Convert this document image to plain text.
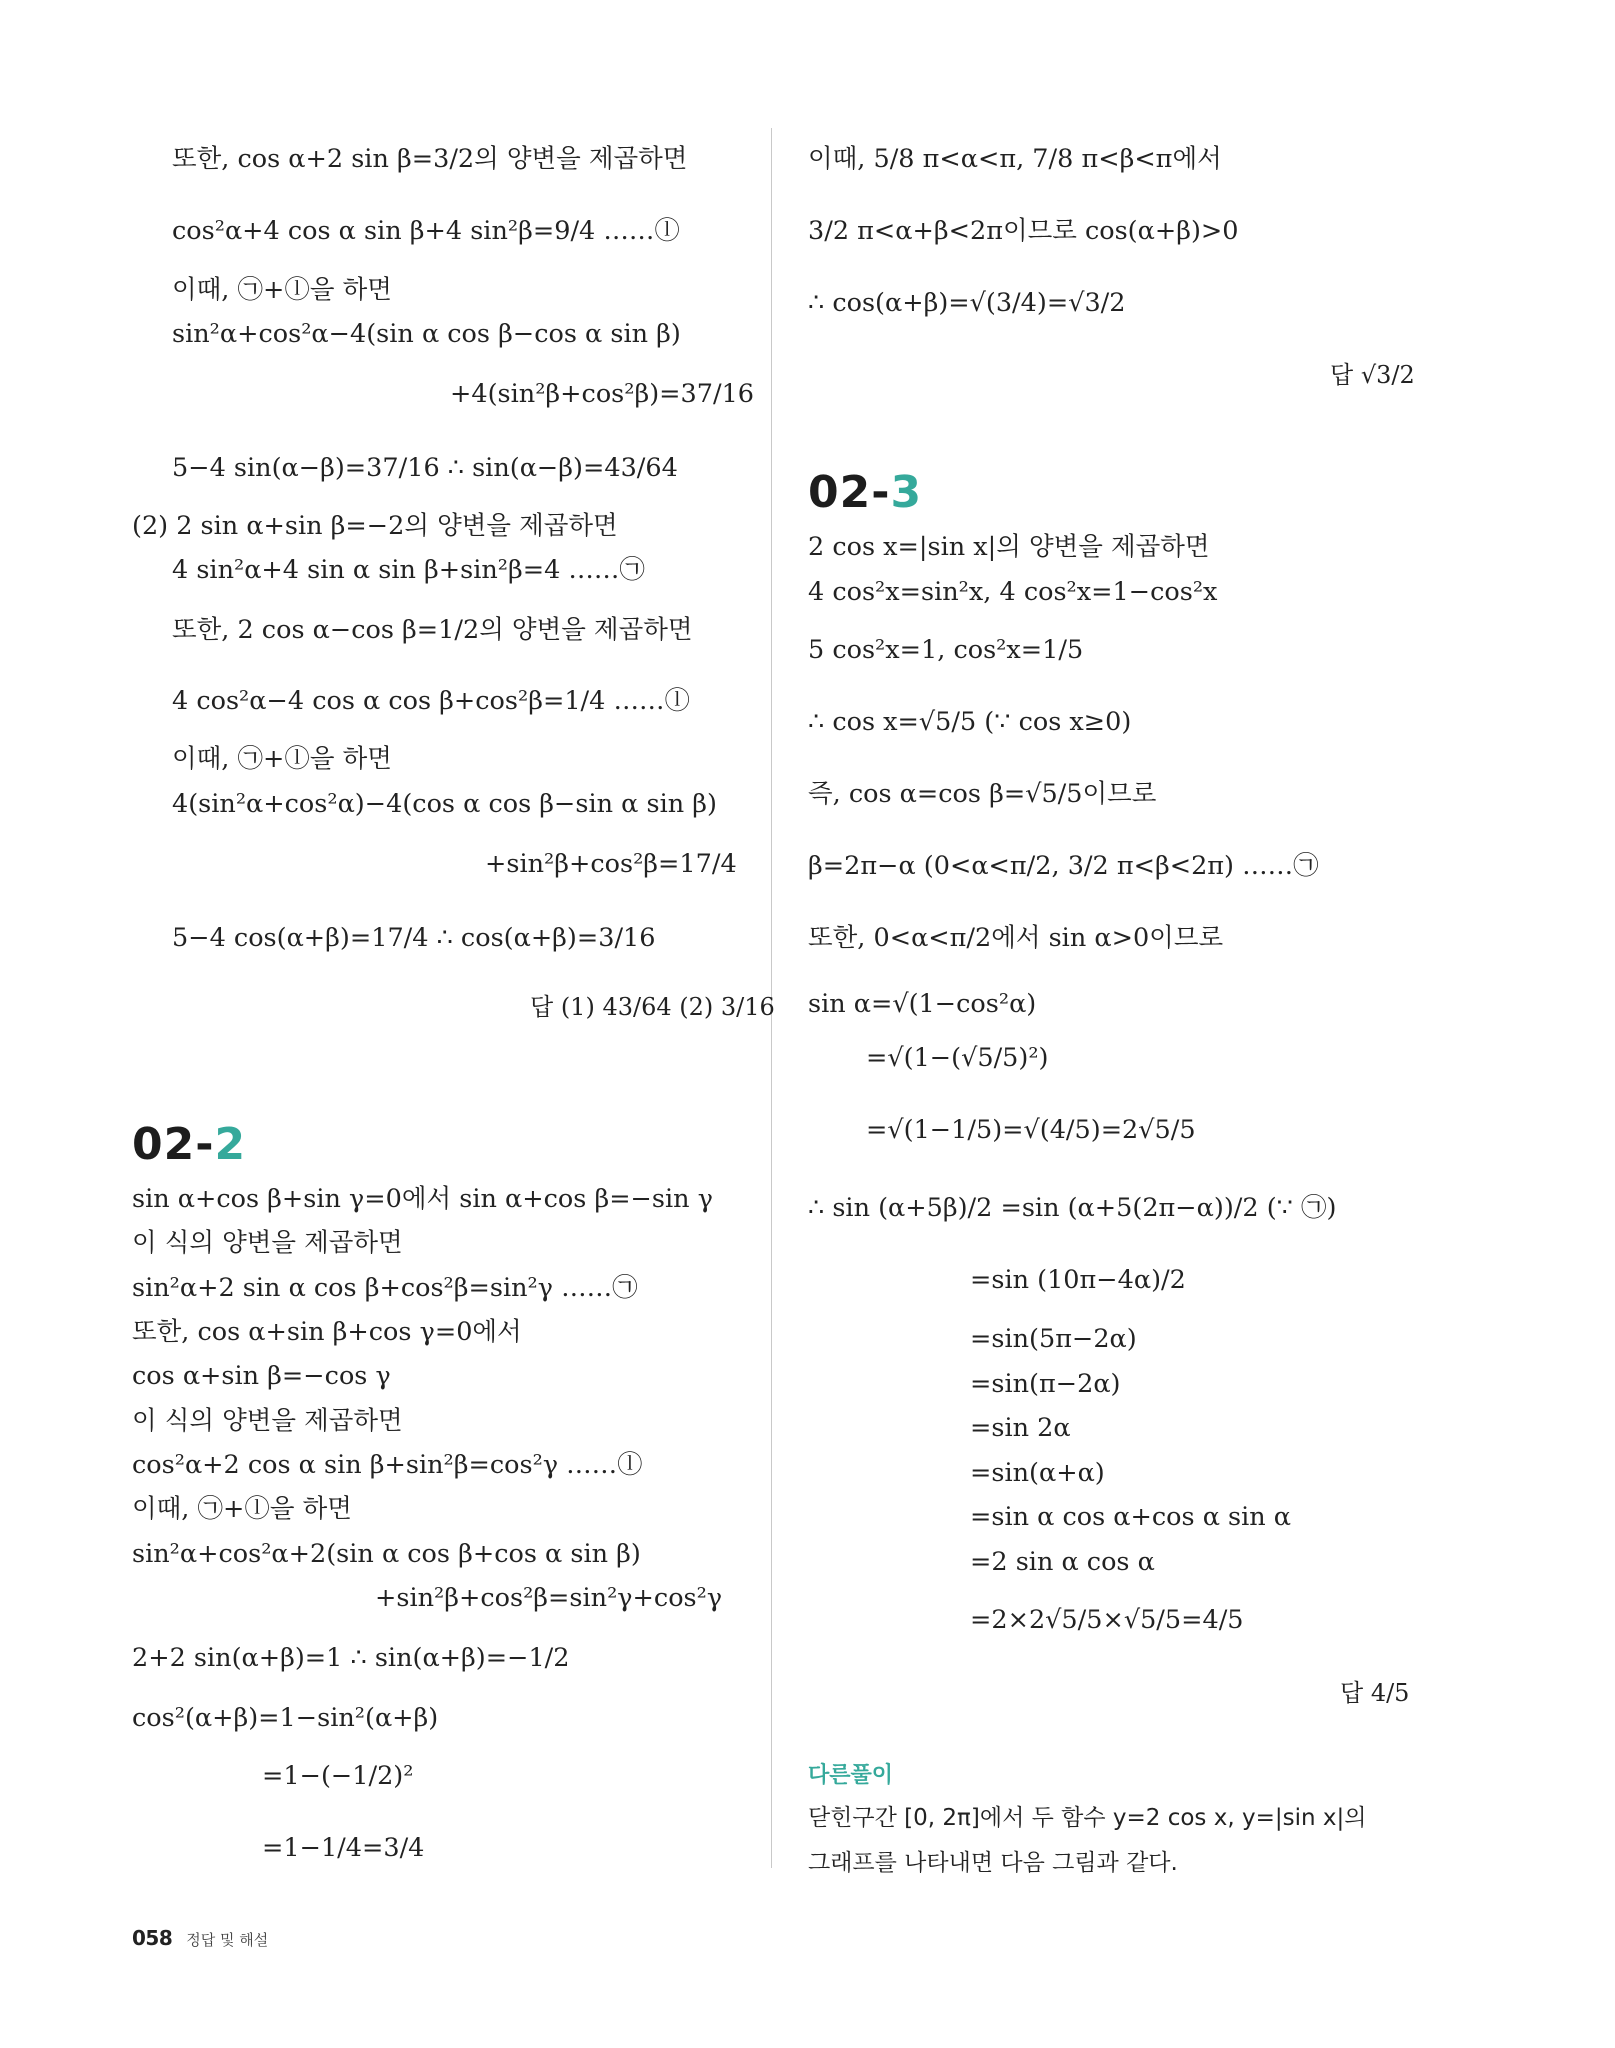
또한, cos α+2 sin β=3/2의 양변을 제곱하면
cos²α+4 cos α sin β+4 sin²β=9/4 ……ⓛ
이때, ㉠+ⓛ을 하면
sin²α+cos²α−4(sin α cos β−cos α sin β)
+4(sin²β+cos²β)=37/16
5−4 sin(α−β)=37/16 ∴ sin(α−β)=43/64
(2) 2 sin α+sin β=−2의 양변을 제곱하면
4 sin²α+4 sin α sin β+sin²β=4 ……㉠
또한, 2 cos α−cos β=1/2의 양변을 제곱하면
4 cos²α−4 cos α cos β+cos²β=1/4 ……ⓛ
이때, ㉠+ⓛ을 하면
4(sin²α+cos²α)−4(cos α cos β−sin α sin β)
+sin²β+cos²β=17/4
5−4 cos(α+β)=17/4 ∴ cos(α+β)=3/16
답 (1) 43/64 (2) 3/16
02-2
sin α+cos β+sin γ=0에서 sin α+cos β=−sin γ
이 식의 양변을 제곱하면
sin²α+2 sin α cos β+cos²β=sin²γ ……㉠
또한, cos α+sin β+cos γ=0에서
cos α+sin β=−cos γ
이 식의 양변을 제곱하면
cos²α+2 cos α sin β+sin²β=cos²γ ……ⓛ
이때, ㉠+ⓛ을 하면
sin²α+cos²α+2(sin α cos β+cos α sin β)
+sin²β+cos²β=sin²γ+cos²γ
2+2 sin(α+β)=1 ∴ sin(α+β)=−1/2
cos²(α+β)=1−sin²(α+β)
=1−(−1/2)²
=1−1/4=3/4
이때, 5/8 π<α<π, 7/8 π<β<π에서
3/2 π<α+β<2π이므로 cos(α+β)>0
∴ cos(α+β)=√(3/4)=√3/2
답 √3/2
02-3
2 cos x=|sin x|의 양변을 제곱하면
4 cos²x=sin²x, 4 cos²x=1−cos²x
5 cos²x=1, cos²x=1/5
∴ cos x=√5/5 (∵ cos x≥0)
즉, cos α=cos β=√5/5이므로
β=2π−α (0<α<π/2, 3/2 π<β<2π) ……㉠
또한, 0<α<π/2에서 sin α>0이므로
sin α=√(1−cos²α)
=√(1−(√5/5)²)
=√(1−1/5)=√(4/5)=2√5/5
∴ sin (α+5β)/2 =sin (α+5(2π−α))/2 (∵ ㉠)
=sin (10π−4α)/2
=sin(5π−2α)
=sin(π−2α)
=sin 2α
=sin(α+α)
=sin α cos α+cos α sin α
=2 sin α cos α
=2×2√5/5×√5/5=4/5
답 4/5
다른풀이
닫힌구간 [0, 2π]에서 두 함수 y=2 cos x, y=|sin x|의
그래프를 나타내면 다음 그림과 같다.
058 정답 및 해설
